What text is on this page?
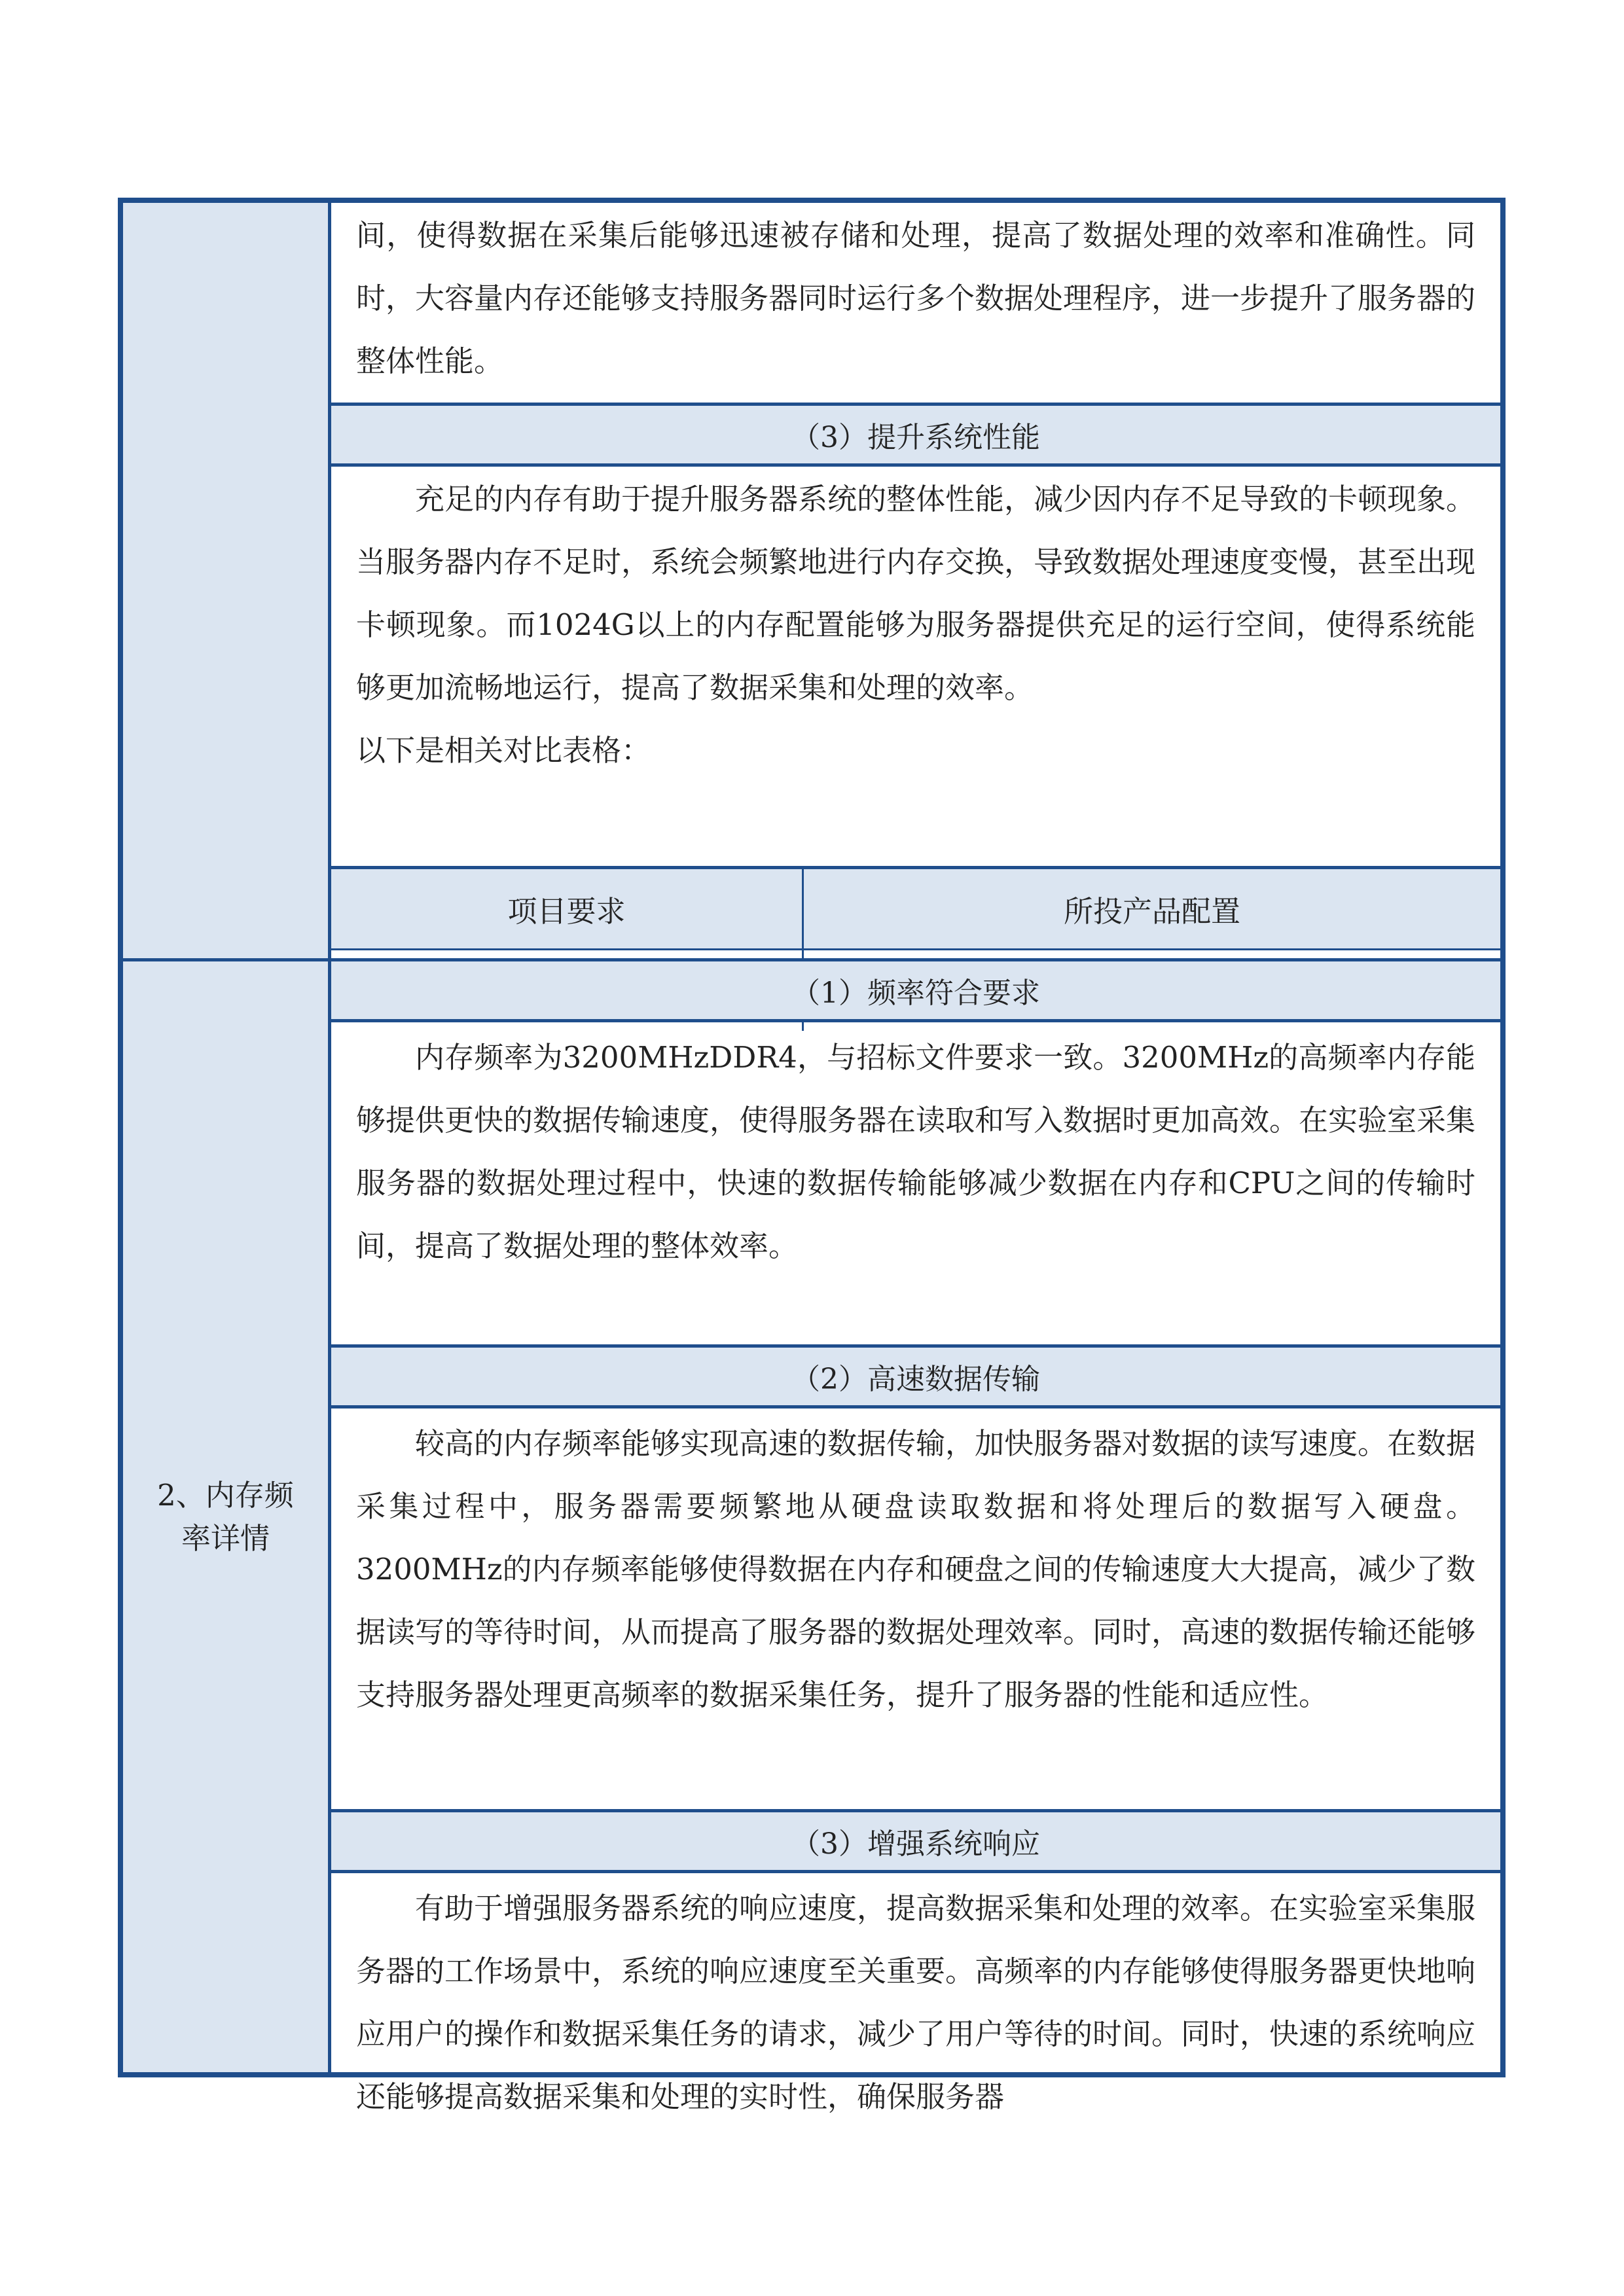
间，使得数据在采集后能够迅速被存储和处理，提高了数据处理的效率和准确性。同时，大容量内存还能够支持服务器同时运行多个数据处理程序，进一步提升了服务器的整体性能。

（3）提升系统性能

充足的内存有助于提升服务器系统的整体性能，减少因内存不足导致的卡顿现象。当服务器内存不足时，系统会频繁地进行内存交换，导致数据处理速度变慢，甚至出现卡顿现象。而1024G以上的内存配置能够为服务器提供充足的运行空间，使得系统能够更加流畅地运行，提高了数据采集和处理的效率。

以下是相关对比表格：

项目要求	所投产品配置
2、内存频率详情
（1）频率符合要求

内存频率为3200MHzDDR4，与招标文件要求一致。3200MHz的高频率内存能够提供更快的数据传输速度，使得服务器在读取和写入数据时更加高效。在实验室采集服务器的数据处理过程中，快速的数据传输能够减少数据在内存和CPU之间的传输时间，提高了数据处理的整体效率。

（2）高速数据传输

较高的内存频率能够实现高速的数据传输，加快服务器对数据的读写速度。在数据采集过程中，服务器需要频繁地从硬盘读取数据和将处理后的数据写入硬盘。3200MHz的内存频率能够使得数据在内存和硬盘之间的传输速度大大提高，减少了数据读写的等待时间，从而提高了服务器的数据处理效率。同时，高速的数据传输还能够支持服务器处理更高频率的数据采集任务，提升了服务器的性能和适应性。

（3）增强系统响应

有助于增强服务器系统的响应速度，提高数据采集和处理的效率。在实验室采集服务器的工作场景中，系统的响应速度至关重要。高频率的内存能够使得服务器更快地响应用户的操作和数据采集任务的请求，减少了用户等待的时间。同时，快速的系统响应还能够提高数据采集和处理的实时性，确保服务器
